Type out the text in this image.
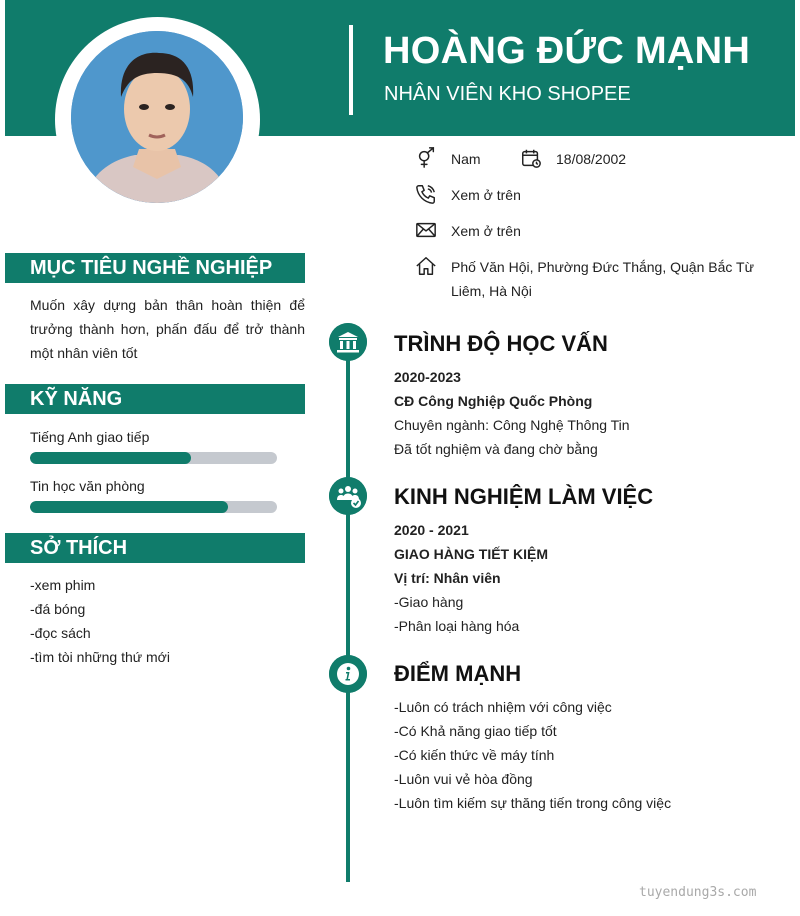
HOÀNG ĐỨC MẠNH
NHÂN VIÊN KHO SHOPEE
Nam	18/08/2002
Xem ở trên
Xem ở trên
Phố Văn Hội, Phường Đức Thắng, Quận Bắc Từ Liêm, Hà Nội
MỤC TIÊU NGHỀ NGHIỆP
Muốn xây dựng bản thân hoàn thiện để trưởng thành hơn, phấn đấu để trở thành một nhân viên tốt
KỸ NĂNG
Tiếng Anh giao tiếp
Tin học văn phòng
SỞ THÍCH
-xem phim
-đá bóng
-đọc sách
-tìm tòi những thứ mới
TRÌNH ĐỘ HỌC VẤN
2020-2023
CĐ Công Nghiệp Quốc Phòng
Chuyên ngành: Công Nghệ Thông Tin
Đã tốt nghiệm và đang chờ bằng
KINH NGHIỆM LÀM VIỆC
2020 - 2021
GIAO HÀNG TIẾT KIỆM
Vị trí: Nhân viên
-Giao hàng
-Phân loại hàng hóa
ĐIỂM MẠNH
-Luôn có trách nhiệm với công việc
-Có Khả năng giao tiếp tốt
-Có kiến thức về máy tính
-Luôn vui vẻ hòa đồng
-Luôn tìm kiếm sự thăng tiến trong công việc
tuyendung3s.com
